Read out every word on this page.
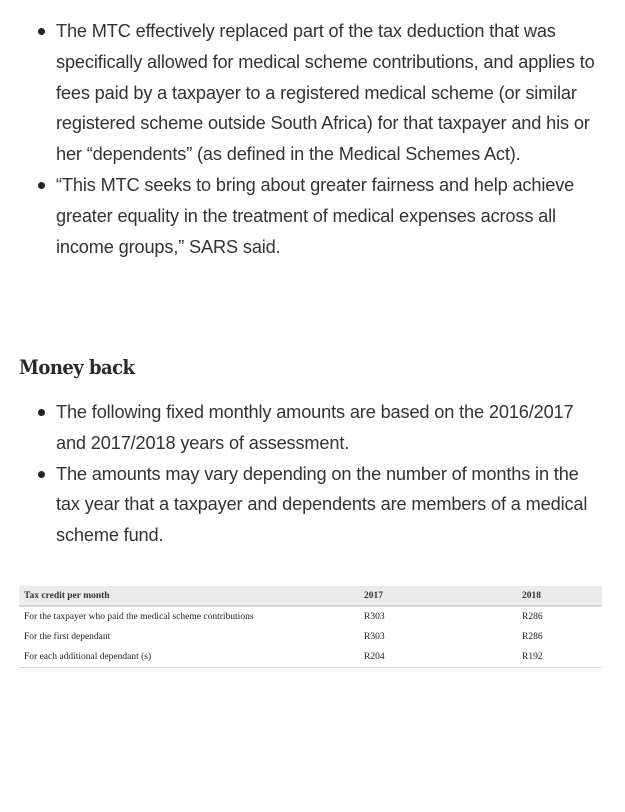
The MTC effectively replaced part of the tax deduction that was specifically allowed for medical scheme contributions, and applies to fees paid by a taxpayer to a registered medical scheme (or similar registered scheme outside South Africa) for that taxpayer and his or her “dependents” (as defined in the Medical Schemes Act).
“This MTC seeks to bring about greater fairness and help achieve greater equality in the treatment of medical expenses across all income groups,” SARS said.
Money back
The following fixed monthly amounts are based on the 2016/2017 and 2017/2018 years of assessment.
The amounts may vary depending on the number of months in the tax year that a taxpayer and dependents are members of a medical scheme fund.
Tax credit per month	2017	2018
For the taxpayer who paid the medical scheme contributions	R303	R286
For the first dependant	R303	R286
For each additional dependant (s)	R204	R192
